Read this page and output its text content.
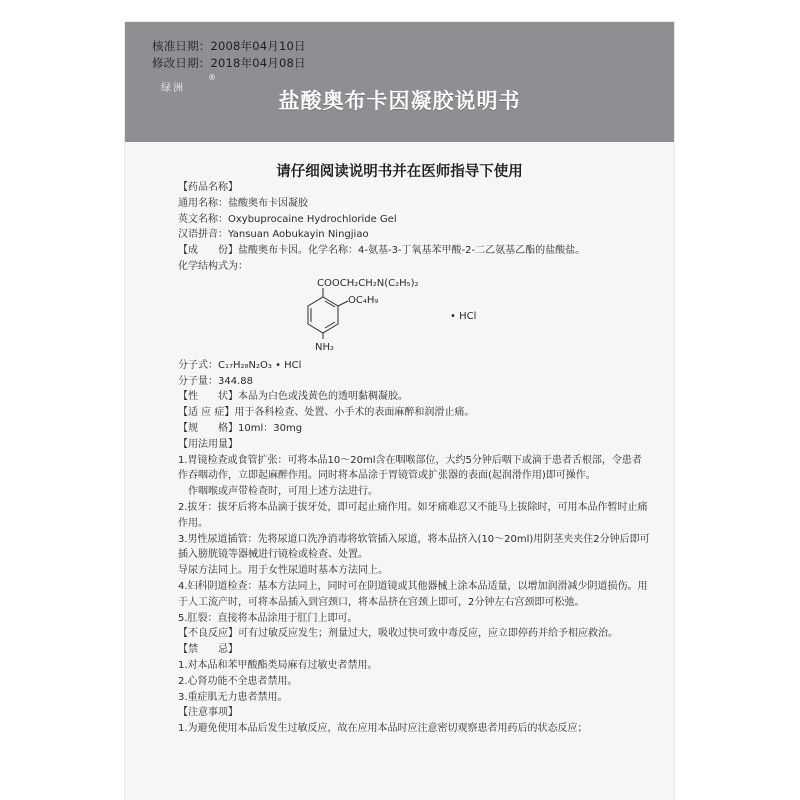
核准日期：2008年04月10日
修改日期：2018年04月08日
绿洲
®
盐酸奥布卡因凝胶说明书
请仔细阅读说明书并在医师指导下使用
【药品名称】
通用名称：盐酸奥布卡因凝胶
英文名称：Oxybuprocaine Hydrochloride Gel
汉语拼音：Yansuan Aobukayin Ningjiao
【成　　份】盐酸奥布卡因。化学名称：4-氨基-3-丁氧基苯甲酸-2-二乙氨基乙酯的盐酸盐。
化学结构式为：
COOCH₂CH₂N(C₂H₅)₂
OC₄H₉
NH₂
• HCl
分子式：C₁₇H₂₈N₂O₃ • HCl
分子量：344.88
【性　　状】本品为白色或浅黄色的透明黏稠凝胶。
【适 应 症】用于各科检查、处置、小手术的表面麻醉和润滑止痛。
【规　　格】10ml：30mg
【用法用量】
1.胃镜检查或食管扩张：可将本品10～20ml含在咽喉部位，大约5分钟后咽下或滴于患者舌根部，令患者作吞咽动作，立即起麻醉作用。同时将本品涂于胃镜管或扩张器的表面(起润滑作用)即可操作。
　作咽喉或声带检查时，可用上述方法进行。
2.拔牙：拔牙后将本品滴于拔牙处，即可起止痛作用。如牙痛难忍又不能马上拔除时，可用本品作暂时止痛作用。
3.男性尿道插管：先将尿道口洗净消毒将软管插入尿道，将本品挤入(10～20ml)用阴茎夹夹住2分钟后即可插入膀胱镜等器械进行镜检或检查、处置。
导尿方法同上。用于女性尿道时基本方法同上。
4.妇科阴道检查：基本方法同上，同时可在阴道镜或其他器械上涂本品适量，以增加润滑减少阴道损伤。用于人工流产时，可将本品插入到宫颈口，将本品挤在宫颈上即可，2分钟左右宫颈即可松弛。
5.肛裂：直接将本品涂用于肛门上即可。
【不良反应】可有过敏反应发生；剂量过大，吸收过快可致中毒反应，应立即停药并给予相应救治。
【禁　　忌】
1.对本品和苯甲酸酯类局麻有过敏史者禁用。
2.心肾功能不全患者禁用。
3.重症肌无力患者禁用。
【注意事项】
1.为避免使用本品后发生过敏反应，故在应用本品时应注意密切观察患者用药后的状态反应；
